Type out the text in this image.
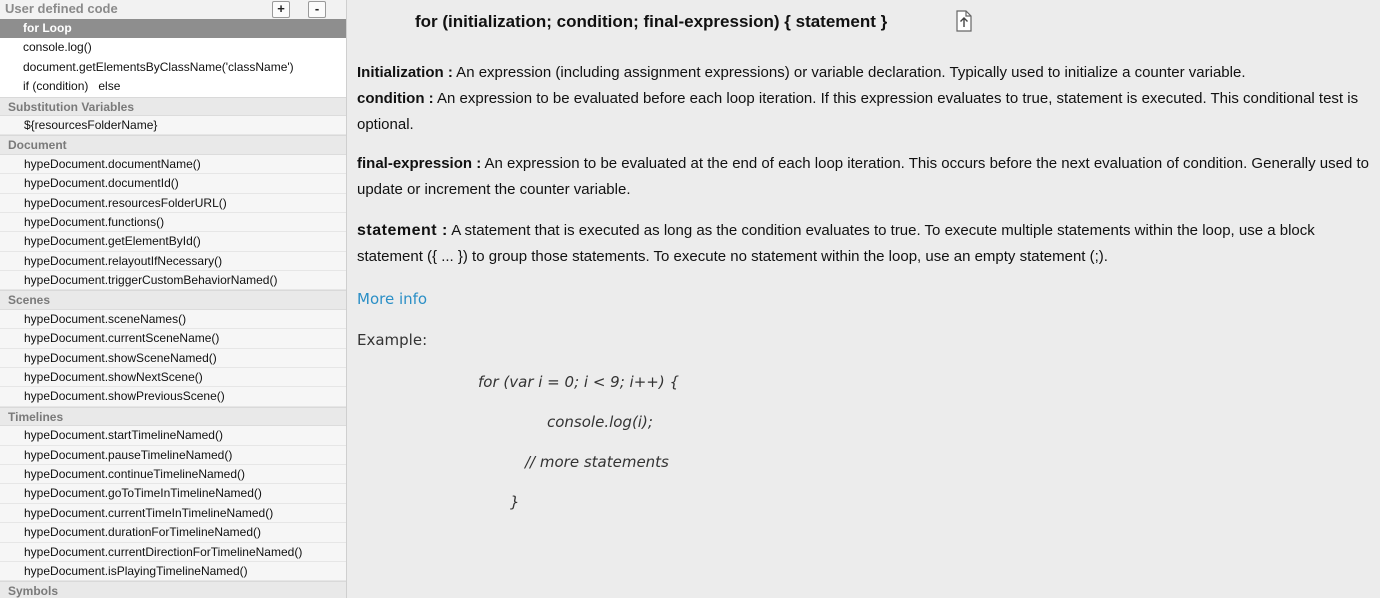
User defined code	+	-
for Loop
console.log()
document.getElementsByClassName('className')
if (condition) else
Substitution Variables
${resourcesFolderName}
Document
hypeDocument.documentName()
hypeDocument.documentId()
hypeDocument.resourcesFolderURL()
hypeDocument.functions()
hypeDocument.getElementById()
hypeDocument.relayoutIfNecessary()
hypeDocument.triggerCustomBehaviorNamed()
Scenes
hypeDocument.sceneNames()
hypeDocument.currentSceneName()
hypeDocument.showSceneNamed()
hypeDocument.showNextScene()
hypeDocument.showPreviousScene()
Timelines
hypeDocument.startTimelineNamed()
hypeDocument.pauseTimelineNamed()
hypeDocument.continueTimelineNamed()
hypeDocument.goToTimeInTimelineNamed()
hypeDocument.currentTimeInTimelineNamed()
hypeDocument.durationForTimelineNamed()
hypeDocument.currentDirectionForTimelineNamed()
hypeDocument.isPlayingTimelineNamed()
Symbols
for (initialization; condition; final-expression) { statement }
Initialization : An expression (including assignment expressions) or variable declaration. Typically used to initialize a counter variable.
condition : An expression to be evaluated before each loop iteration. If this expression evaluates to true, statement is executed. This conditional test is optional.
final-expression : An expression to be evaluated at the end of each loop iteration. This occurs before the next evaluation of condition. Generally used to update or increment the counter variable.
statement : A statement that is executed as long as the condition evaluates to true. To execute multiple statements within the loop, use a block statement ({ ... }) to group those statements. To execute no statement within the loop, use an empty statement (;).
More info
Example:
for (var i = 0; i < 9; i++) {
console.log(i);
// more statements
}
